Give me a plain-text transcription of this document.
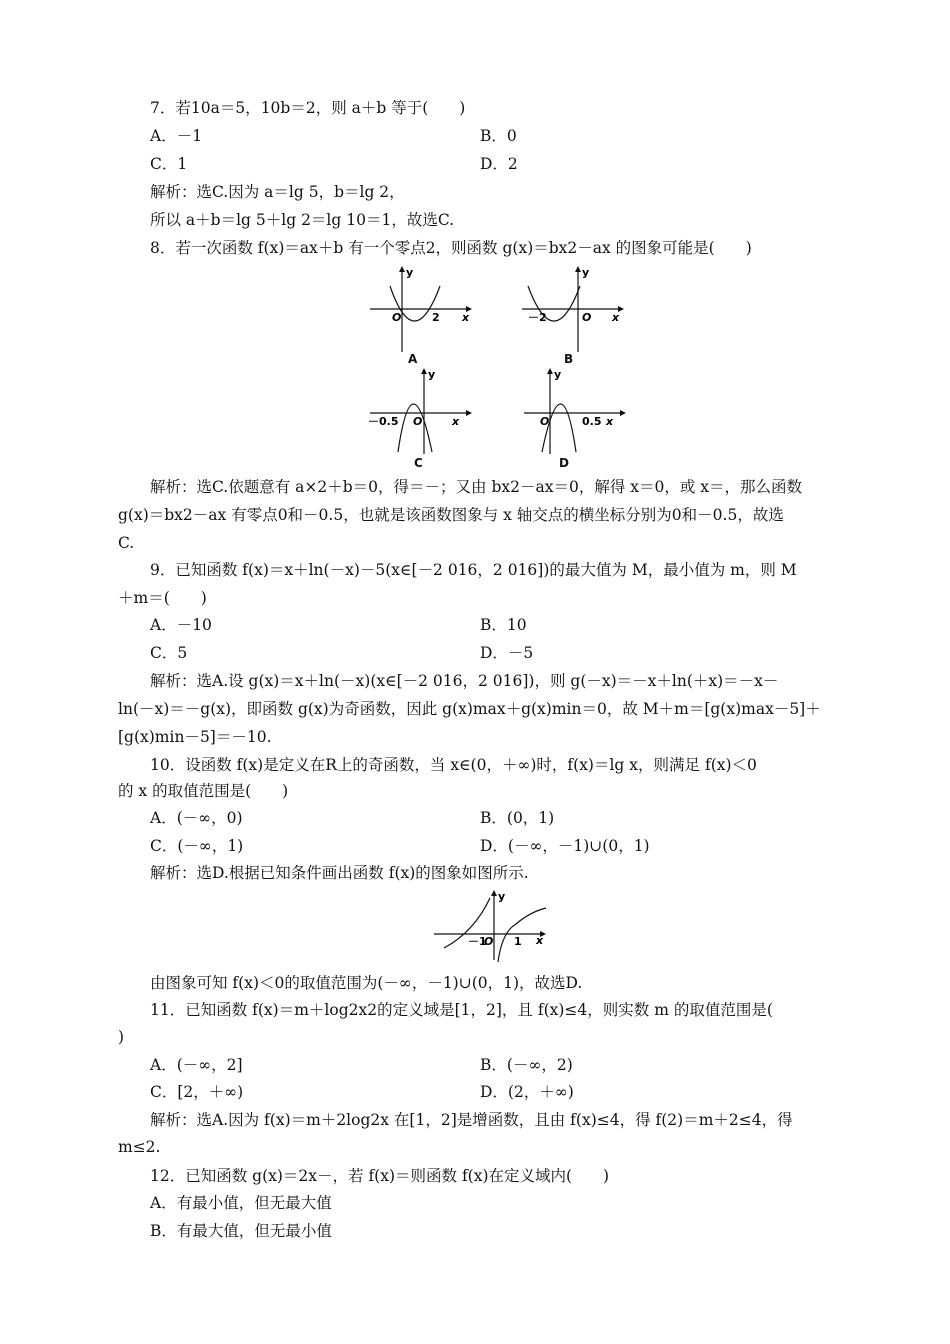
7．若10a＝5，10b＝2，则 a＋b 等于(　　)
A．－1	B．0
C．1	D．2
解析：选C.因为 a＝lg 5，b＝lg 2，
所以 a＋b＝lg 5＋lg 2＝lg 10＝1，故选C.
8．若一次函数 f(x)＝ax＋b 有一个零点2，则函数 g(x)＝bx2－ax 的图象可能是(　　)
y
O	2 x
A
y
O
－2	x
B
y
O
－0.5	x
C
y
O	0.5 x
D
解析：选C.依题意有 a×2＋b＝0，得＝－；又由 bx2－ax＝0，解得 x＝0，或 x＝，那么函数
g(x)＝bx2－ax 有零点0和－0.5，也就是该函数图象与 x 轴交点的横坐标分别为0和－0.5，故选
C.
9．已知函数 f(x)＝x＋ln(－x)－5(x∈[－2 016，2 016])的最大值为 M，最小值为 m，则 M
＋m＝(　　)
A．－10	B．10
C．5	D．－5
解析：选A.设 g(x)＝x＋ln(－x)(x∈[－2 016，2 016])，则 g(－x)＝－x＋ln(＋x)＝－x－
ln(－x)＝－g(x)，即函数 g(x)为奇函数，因此 g(x)max＋g(x)min＝0，故 M＋m＝[g(x)max－5]＋
[g(x)min－5]＝－10.
10．设函数 f(x)是定义在R上的奇函数，当 x∈(0，＋∞)时，f(x)＝lg x，则满足 f(x)＜0
的 x 的取值范围是(　　)
A．(－∞，0)	B．(0，1)
C．(－∞，1)	D．(－∞，－1)∪(0，1)
解析：选D.根据已知条件画出函数 f(x)的图象如图所示.
y
－1
O 1 x
由图象可知 f(x)＜0的取值范围为(－∞，－1)∪(0，1)，故选D.
11．已知函数 f(x)＝m＋log2x2的定义域是[1，2]，且 f(x)≤4，则实数 m 的取值范围是(
)
A．(－∞，2]	B．(－∞，2)
C．[2，＋∞)	D．(2，＋∞)
解析：选A.因为 f(x)＝m＋2log2x 在[1，2]是增函数，且由 f(x)≤4，得 f(2)＝m＋2≤4，得
m≤2.
12．已知函数 g(x)＝2x－，若 f(x)＝则函数 f(x)在定义域内(　　)
A．有最小值，但无最大值
B．有最大值，但无最小值
